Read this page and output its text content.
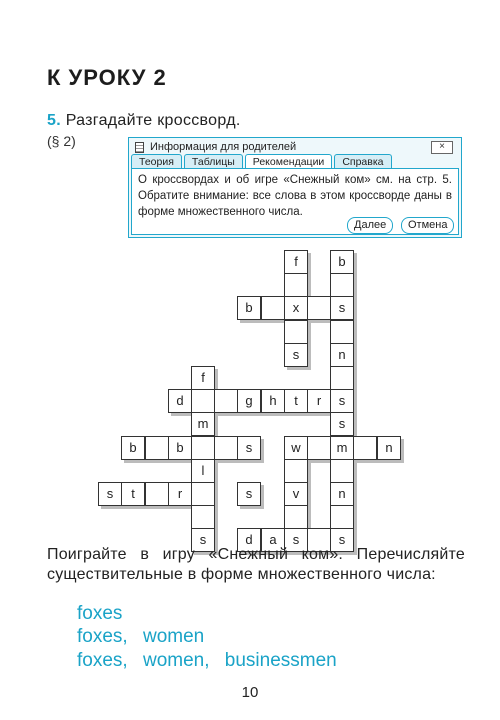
К УРОКУ 2
5. Разгадайте кроссворд.
(§ 2)	Информация для родителей	×
Теория	Таблицы	Рекомендации	Справка
О кроссвордах и об игре «Снежный ком» см. на стр. 5. Обратите внимание: все слова в этом кроссворде даны в форме множественного числа.
Далее	Отмена
f	b
b	x	s
s	n
f
d	g	h	t	r	s
m	s
b	b	s	w	m	n
l
s	t	r	s	v	n
s	d	a	s	s
Поиграйте в игру «Снежный ком». Перечисляйте существительные в форме множественного числа:
foxes
foxes, women
foxes, women, businessmen
10
